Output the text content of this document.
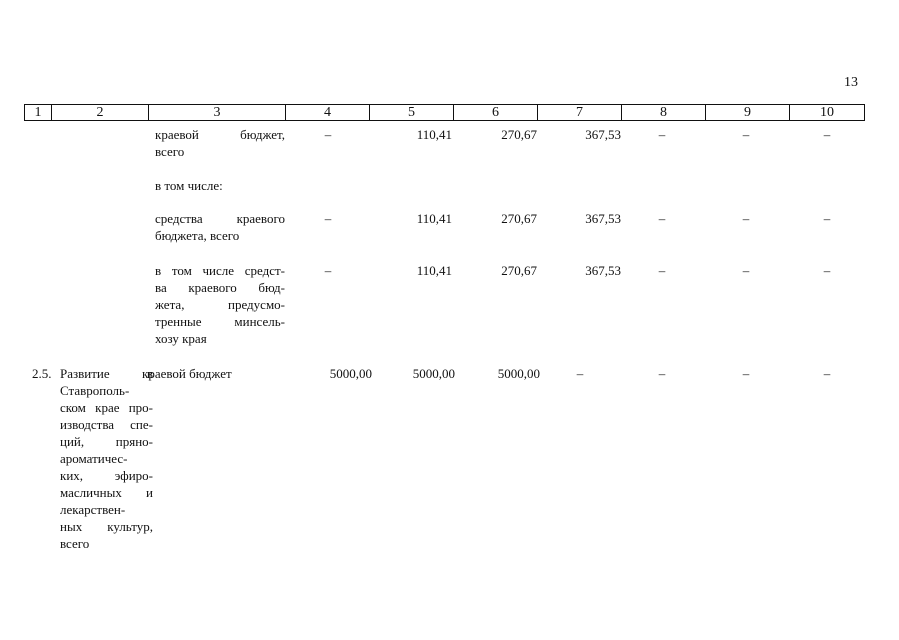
13
1	2	3	4	5	6	7	8	9	10
краевой бюджет,
всего
–	110,41	270,67	367,53	–	–	–
в том числе:
средства краевого
бюджета, всего
–	110,41	270,67	367,53	–	–	–
в том числе средст-
ва краевого бюд-
жета, предусмо-
тренные минсель-
хозу края
–	110,41	270,67	367,53	–	–	–
2.5. Развитие в
Ставрополь-
ском крае про-
изводства спе-
ций, пряно-
ароматичес-
ких, эфиро-
масличных и
лекарствен-
ных культур,
всего
краевой бюджет	5000,00	5000,00	5000,00	–	–	–	–
